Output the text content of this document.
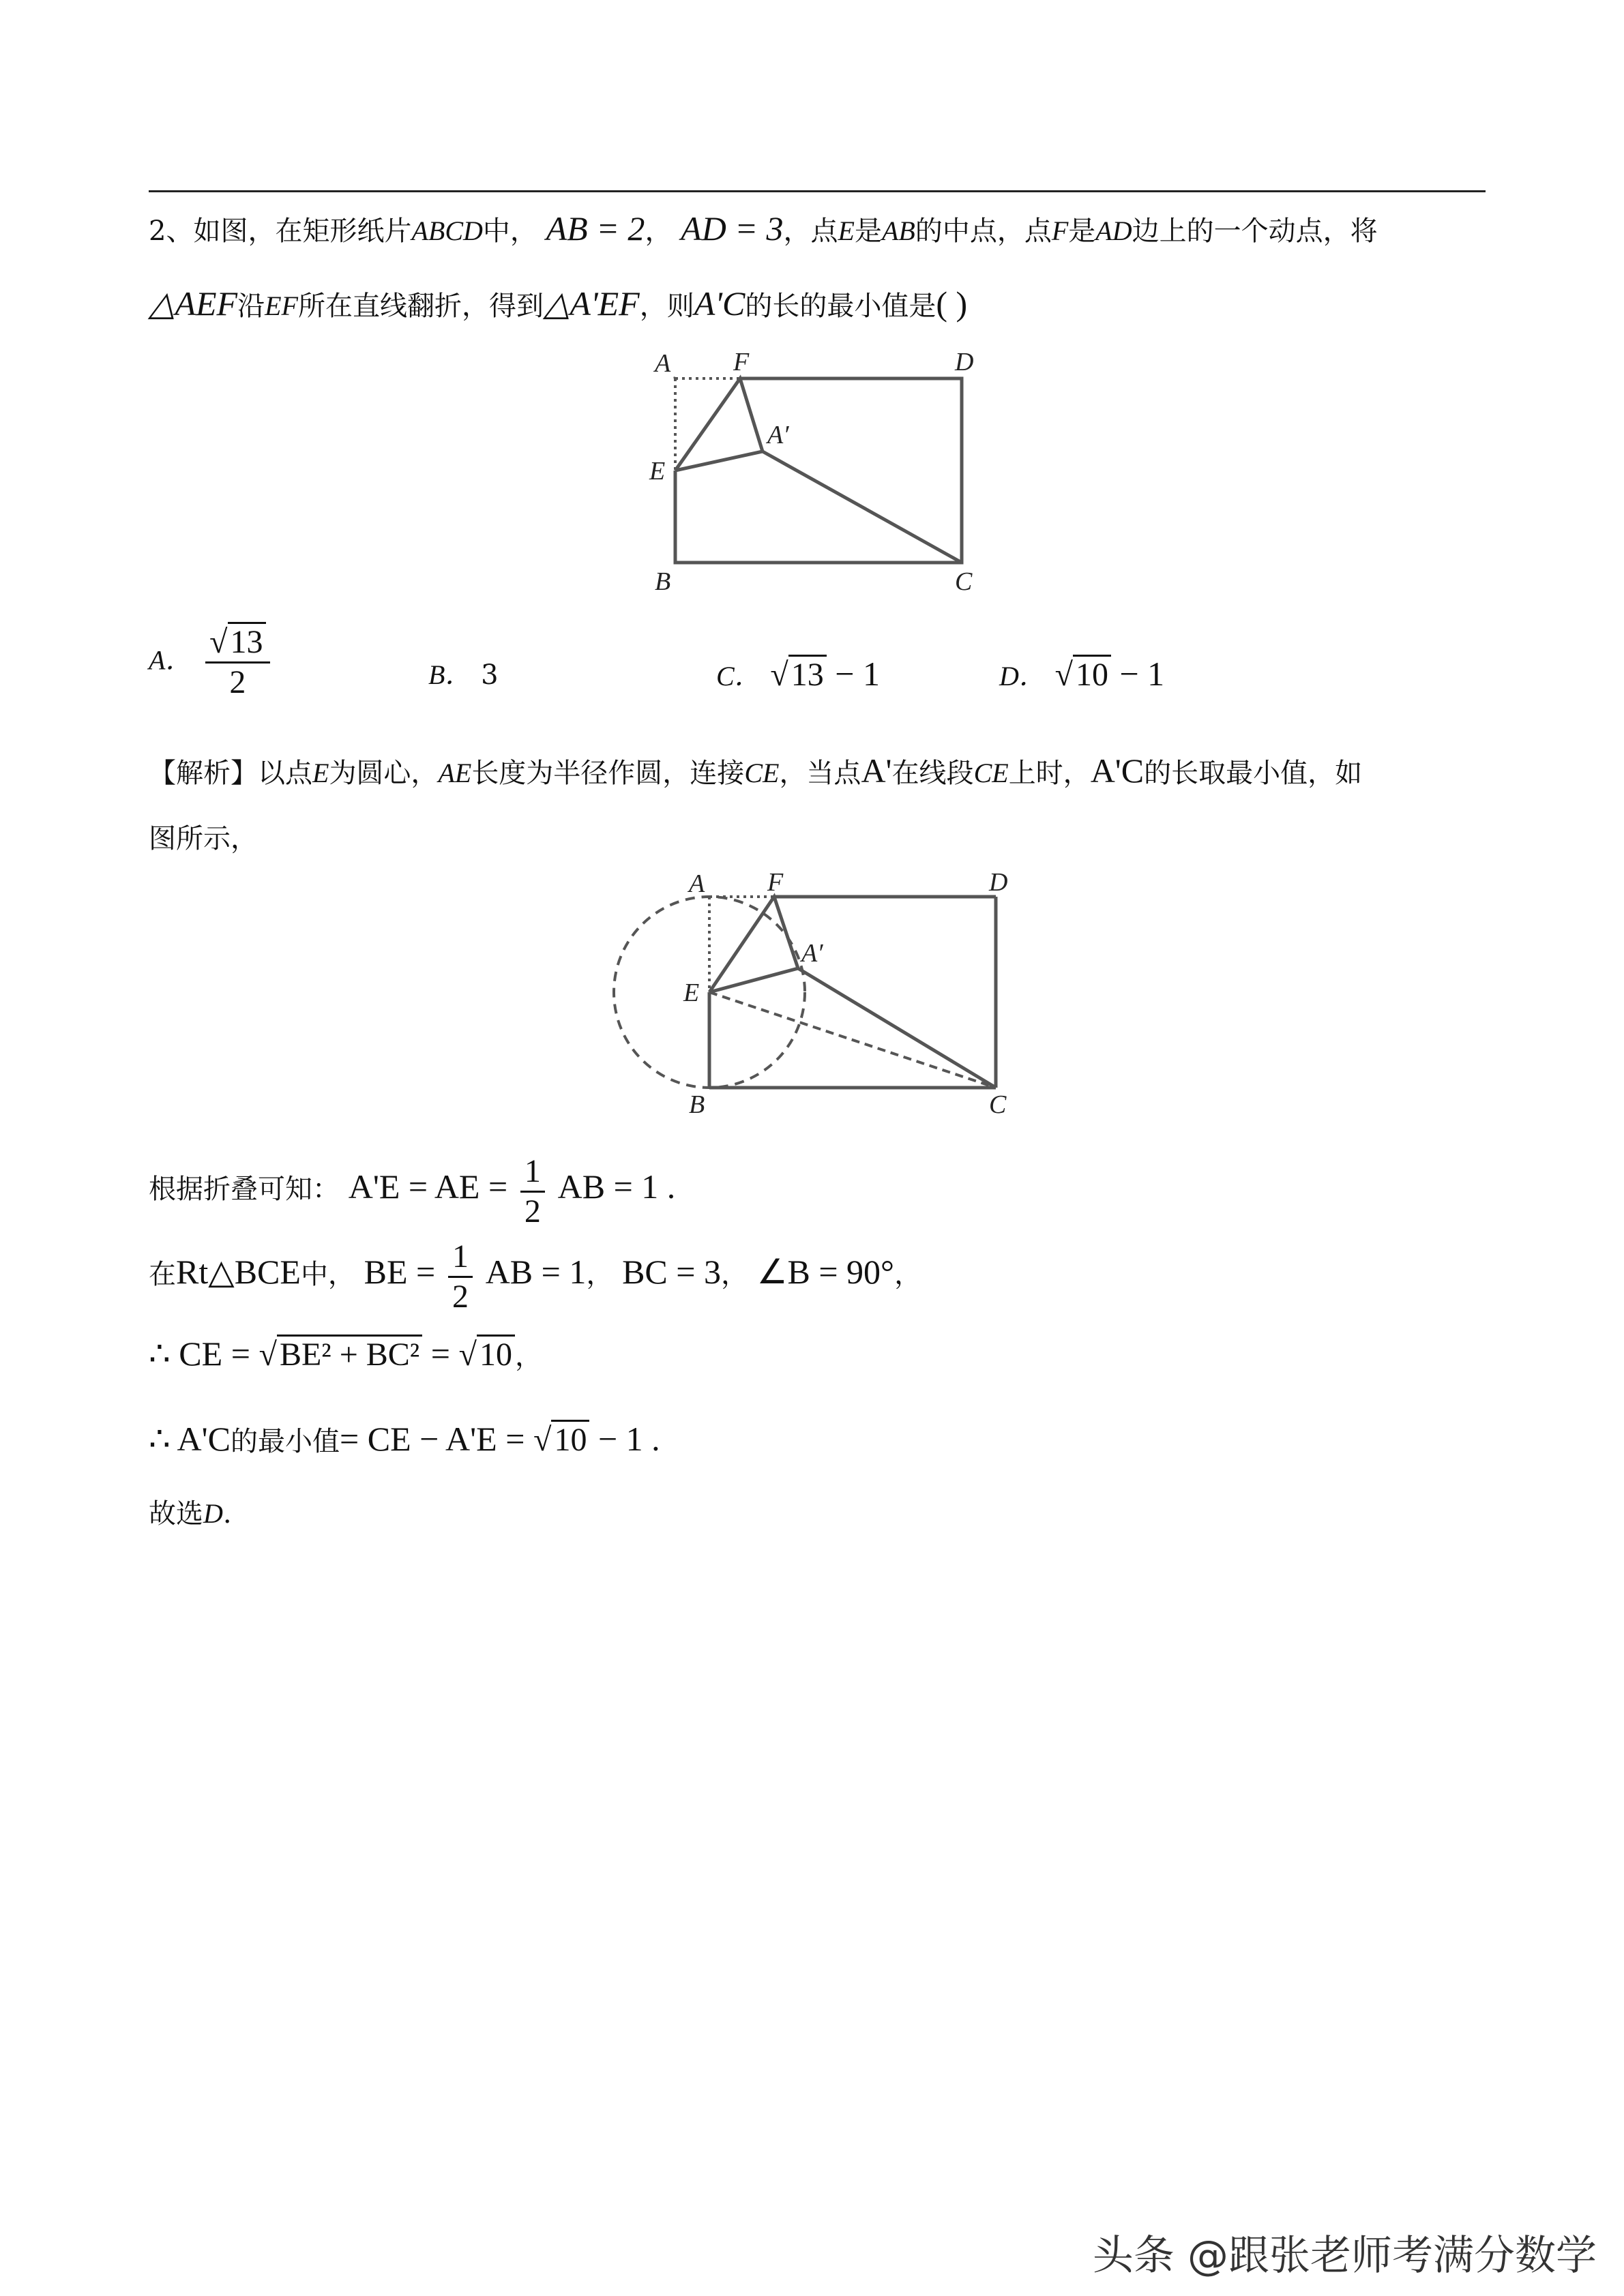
2、如图，在矩形纸片ABCD中， AB = 2， AD = 3，点E是AB的中点，点F是AD边上的一个动点，将
△AEF沿EF所在直线翻折，得到△A'EF，则A'C的长的最小值是( )
A F	D
A′
E
B	C
A． $\frac{√13}{2}$	B． 3	C． √13 − 1	D． √10 − 1
【解析】以点E为圆心，AE长度为半径作圆，连接CE，当点A'在线段CE上时，A'C的长取最小值，如
图所示，
A F	D
A′
E
B	C
根据折叠可知： A'E = AE = $\frac{1}{2}$ AB = 1 .
在Rt△BCE中， BE = $\frac{1}{2}$ AB = 1， BC = 3， ∠B = 90°，
∴ CE = √BE² + BC² = √10 ，
∴ A'C的最小值= CE − A'E = √10 − 1 .
故选D.
头条 @跟张老师考满分数学
